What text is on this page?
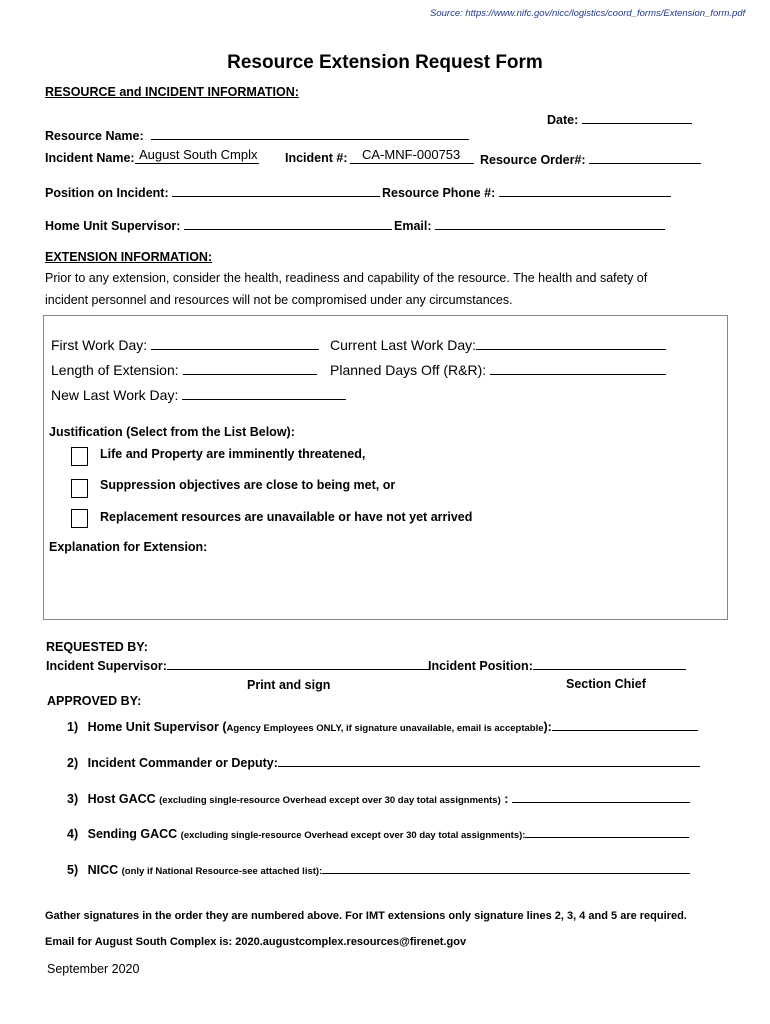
Source: https://www.nifc.gov/nicc/logistics/coord_forms/Extension_form.pdf
Resource Extension Request Form
RESOURCE and INCIDENT INFORMATION:
Date:
Resource Name:
Incident Name: August South Cmplx Incident #: CA-MNF-000753 Resource Order#:
Position on Incident:	Resource Phone #:
Home Unit Supervisor:	Email:
EXTENSION INFORMATION:
Prior to any extension, consider the health, readiness and capability of the resource. The health and safety of
incident personnel and resources will not be compromised under any circumstances.
First Work Day:	Current Last Work Day:
Length of Extension:	Planned Days Off (R&R):
New Last Work Day:
Justification (Select from the List Below):
Life and Property are imminently threatened,
Suppression objectives are close to being met, or
Replacement resources are unavailable or have not yet arrived
Explanation for Extension:
REQUESTED BY:
Incident Supervisor:	Incident Position:
Print and sign	Section Chief
APPROVED BY:
1) Home Unit Supervisor (Agency Employees ONLY, if signature unavailable, email is acceptable):
2) Incident Commander or Deputy:
3) Host GACC (excluding single-resource Overhead except over 30 day total assignments) :
4) Sending GACC (excluding single-resource Overhead except over 30 day total assignments):
5) NICC (only if National Resource-see attached list):
Gather signatures in the order they are numbered above. For IMT extensions only signature lines 2, 3, 4 and 5 are required.
Email for August South Complex is: 2020.augustcomplex.resources@firenet.gov
September 2020
